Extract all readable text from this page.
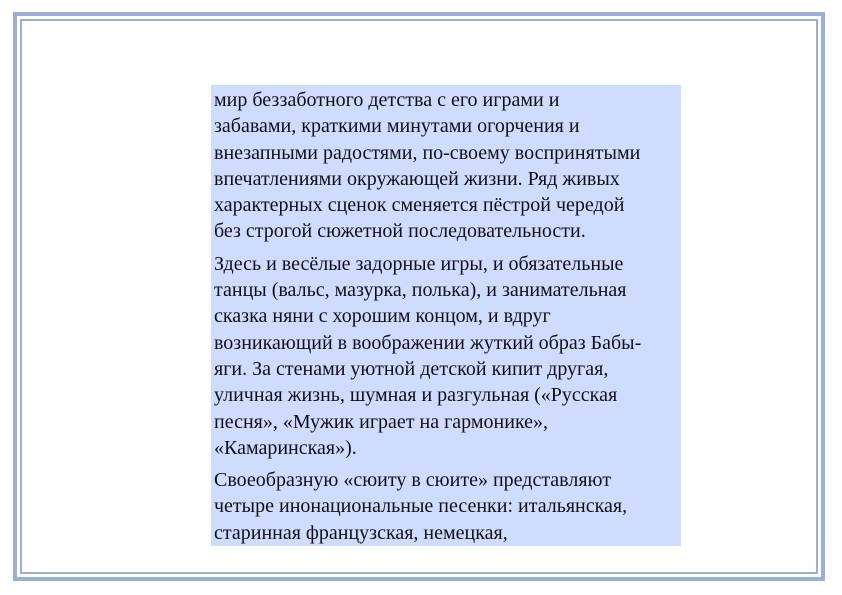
мир беззаботного детства с его играми и
забавами, краткими минутами огорчения и
внезапными радостями, по-своему воспринятыми
впечатлениями окружающей жизни. Ряд живых
характерных сценок сменяется пёстрой чередой
без строгой сюжетной последовательности.

Здесь и весёлые задорные игры, и обязательные
танцы (вальс, мазурка, полька), и занимательная
сказка няни с хорошим концом, и вдруг
возникающий в воображении жуткий образ Бабы-
яги. За стенами уютной детской кипит другая,
уличная жизнь, шумная и разгульная («Русская
песня», «Мужик играет на гармонике»,
«Камаринская»).

Своеобразную «сюиту в сюите» представляют
четыре инонациональные песенки: итальянская,
старинная французская, немецкая,
